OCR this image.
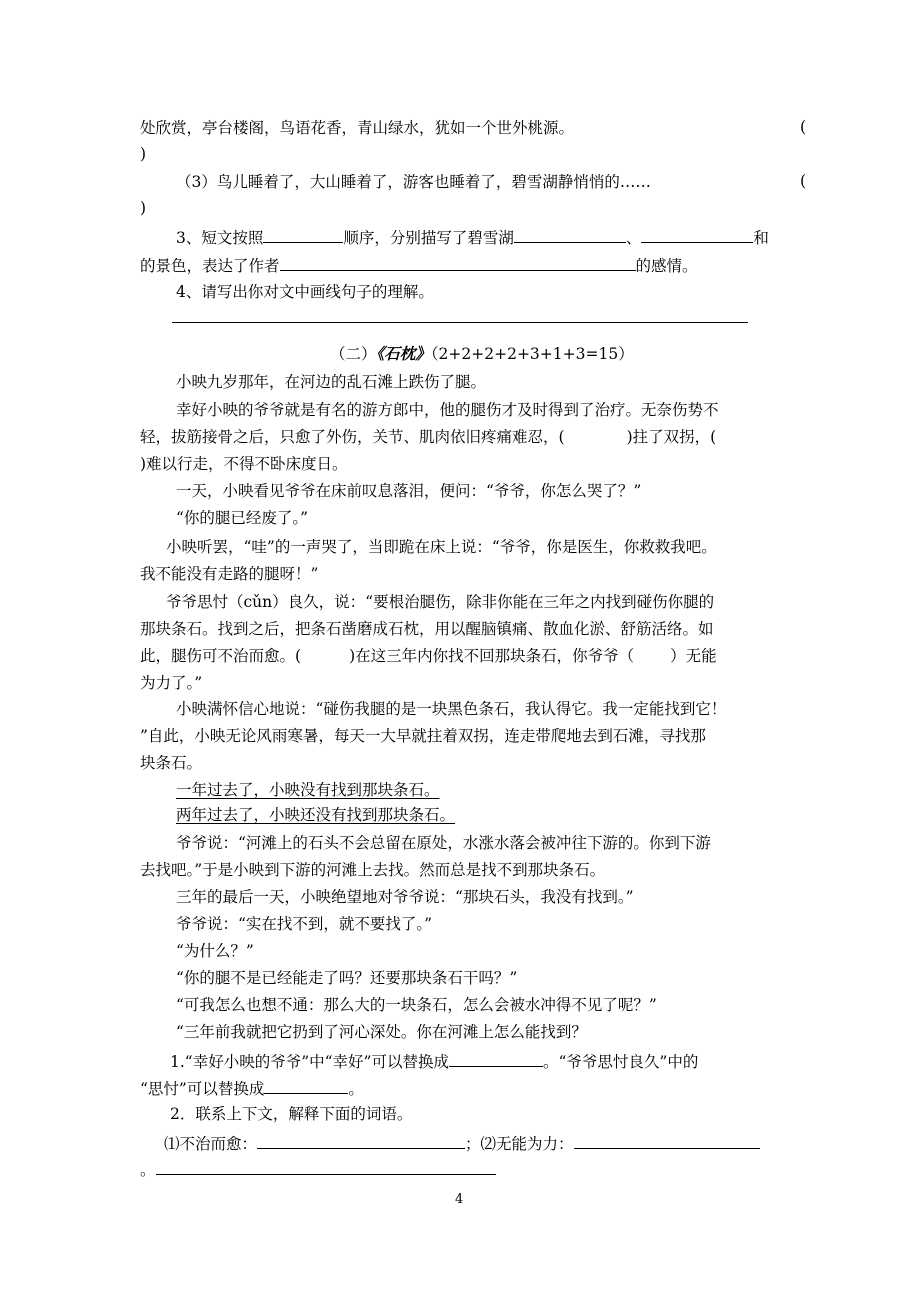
处欣赏，亭台楼阁，鸟语花香，青山绿水，犹如一个世外桃源。	(
)
（3）鸟儿睡着了，大山睡着了，游客也睡着了，碧雪湖静悄悄的……	(
)
3、短文按照	顺序，分别描写了碧雪湖	、	和
的景色，表达了作者	的感情。
4、请写出你对文中画线句子的理解。
（二）《石枕》（2+2+2+2+3+1+3=15）
小映九岁那年，在河边的乱石滩上跌伤了腿。
幸好小映的爷爷就是有名的游方郎中，他的腿伤才及时得到了治疗。无奈伤势不
轻，拔筋接骨之后，只愈了外伤，关节、肌肉依旧疼痛难忍，(	)拄了双拐，(
)难以行走，不得不卧床度日。
一天，小映看见爷爷在床前叹息落泪，便问：“爷爷，你怎么哭了？”
“你的腿已经废了。”
小映听罢，“哇”的一声哭了，当即跪在床上说：“爷爷，你是医生，你救救我吧。
我不能没有走路的腿呀！”
爷爷思忖（cǔn）良久，说：“要根治腿伤，除非你能在三年之内找到碰伤你腿的
那块条石。找到之后，把条石凿磨成石枕，用以醒脑镇痛、散血化淤、舒筋活络。如
此，腿伤可不治而愈。(	)在这三年内你找不回那块条石，你爷爷（ ）无能
为力了。”
小映满怀信心地说：“碰伤我腿的是一块黑色条石，我认得它。我一定能找到它！
”自此，小映无论风雨寒暑，每天一大早就拄着双拐，连走带爬地去到石滩，寻找那
块条石。
一年过去了，小映没有找到那块条石。
两年过去了，小映还没有找到那块条石。
爷爷说：“河滩上的石头不会总留在原处，水涨水落会被冲往下游的。你到下游
去找吧。”于是小映到下游的河滩上去找。然而总是找不到那块条石。
三年的最后一天，小映绝望地对爷爷说：“那块石头，我没有找到。”
爷爷说：“实在找不到，就不要找了。”
“为什么？”
“你的腿不是已经能走了吗？还要那块条石干吗？”
“可我怎么也想不通：那么大的一块条石，怎么会被水冲得不见了呢？”
“三年前我就把它扔到了河心深处。你在河滩上怎么能找到？
1.“幸好小映的爷爷”中“幸好”可以替换成	。“爷爷思忖良久”中的
“思忖”可以替换成	。
2．联系上下文，解释下面的词语。
⑴不治而愈：	；⑵无能为力：
。
4
